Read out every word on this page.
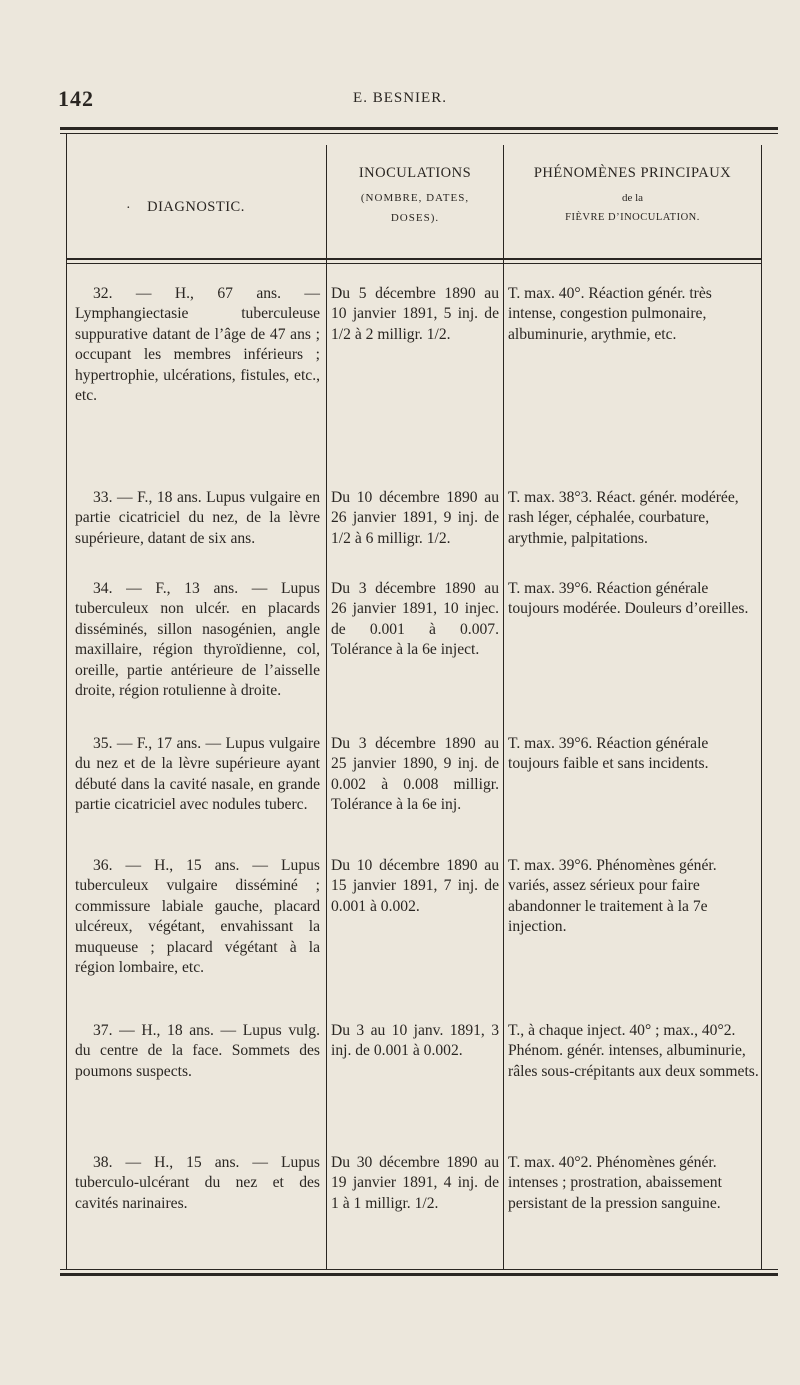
142	E. BESNIER.
· DIAGNOSTIC.
INOCULATIONS
(NOMBRE, DATES,
DOSES).
PHÉNOMÈNES PRINCIPAUX
de la
FIÈVRE D’INOCULATION.
32. — H., 67 ans. — Lymphangiectasie tuberculeuse suppurative datant de l’âge de 47 ans ; occupant les membres inférieurs ; hypertrophie, ulcérations, fistules, etc., etc.
Du 5 décembre 1890 au 10 janvier 1891, 5 inj. de 1/2 à 2 milligr. 1/2.
T. max. 40°. Réaction génér. très intense, congestion pulmonaire, albuminurie, arythmie, etc.
33. — F., 18 ans. Lupus vulgaire en partie cicatriciel du nez, de la lèvre supérieure, datant de six ans.
Du 10 décembre 1890 au 26 janvier 1891, 9 inj. de 1/2 à 6 milligr. 1/2.
T. max. 38°3. Réact. génér. modérée, rash léger, céphalée, courbature, arythmie, palpitations.
34. — F., 13 ans. — Lupus tuberculeux non ulcér. en placards disséminés, sillon nasogénien, angle maxillaire, région thyroïdienne, col, oreille, partie antérieure de l’aisselle droite, région rotulienne à droite.
Du 3 décembre 1890 au 26 janvier 1891, 10 injec. de 0.001 à 0.007. Tolérance à la 6e inject.
T. max. 39°6. Réaction générale toujours modérée. Douleurs d’oreilles.
35. — F., 17 ans. — Lupus vulgaire du nez et de la lèvre supérieure ayant débuté dans la cavité nasale, en grande partie cicatriciel avec nodules tuberc.
Du 3 décembre 1890 au 25 janvier 1890, 9 inj. de 0.002 à 0.008 milligr. Tolérance à la 6e inj.
T. max. 39°6. Réaction générale toujours faible et sans incidents.
36. — H., 15 ans. — Lupus tuberculeux vulgaire disséminé ; commissure labiale gauche, placard ulcéreux, végétant, envahissant la muqueuse ; placard végétant à la région lombaire, etc.
Du 10 décembre 1890 au 15 janvier 1891, 7 inj. de 0.001 à 0.002.
T. max. 39°6. Phénomènes génér. variés, assez sérieux pour faire abandonner le traitement à la 7e injection.
37. — H., 18 ans. — Lupus vulg. du centre de la face. Sommets des poumons suspects.
Du 3 au 10 janv. 1891, 3 inj. de 0.001 à 0.002.
T., à chaque inject. 40° ; max., 40°2. Phénom. génér. intenses, albuminurie, râles sous-crépitants aux deux sommets.
38. — H., 15 ans. — Lupus tuberculo-ulcérant du nez et des cavités narinaires.
Du 30 décembre 1890 au 19 janvier 1891, 4 inj. de 1 à 1 milligr. 1/2.
T. max. 40°2. Phénomènes génér. intenses ; prostration, abaissement persistant de la pression sanguine.
